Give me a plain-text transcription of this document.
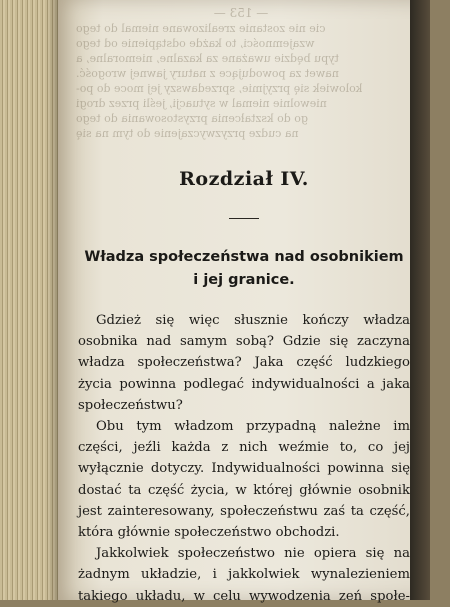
— 153 —
cie nie zostanie zrealizowane niemal do tego
wzajemności, to każde odstąpienie od tego
typu będzie uważane za kazalne, niemoralne, a
nawet za powodujące z natury jawnej wrogość.
kolowiek się przyjmie, sprzedawszy jej moce do po-
niewolnie niemal w sytuacji, jeśli przez drogi
go do kształcenia przystosowania do tego
na cudze przyzwyczajenie do tym na się
Rozdział IV.
Władza społeczeństwa nad osobnikiem
i jej granice.

Gdzież się więc słusznie kończy władza osobnika nad samym sobą? Gdzie się zaczyna władza społeczeństwa? Jaka część ludzkiego życia powinna podlegać indywidualności a jaka społeczeństwu?

Obu tym władzom przypadną należne im części, jeźli każda z nich weźmie to, co jej wyłącznie dotyczy. Indywidualności powinna się dostać ta część życia, w której głównie osobnik jest zainteresowany, społeczeństwu zaś ta część, która głównie społeczeństwo obchodzi.

Jakkolwiek społeczeństwo nie opiera się na żadnym układzie, i jakkolwiek wynalezieniem takiego układu, w celu wywodzenia zeń społe-
